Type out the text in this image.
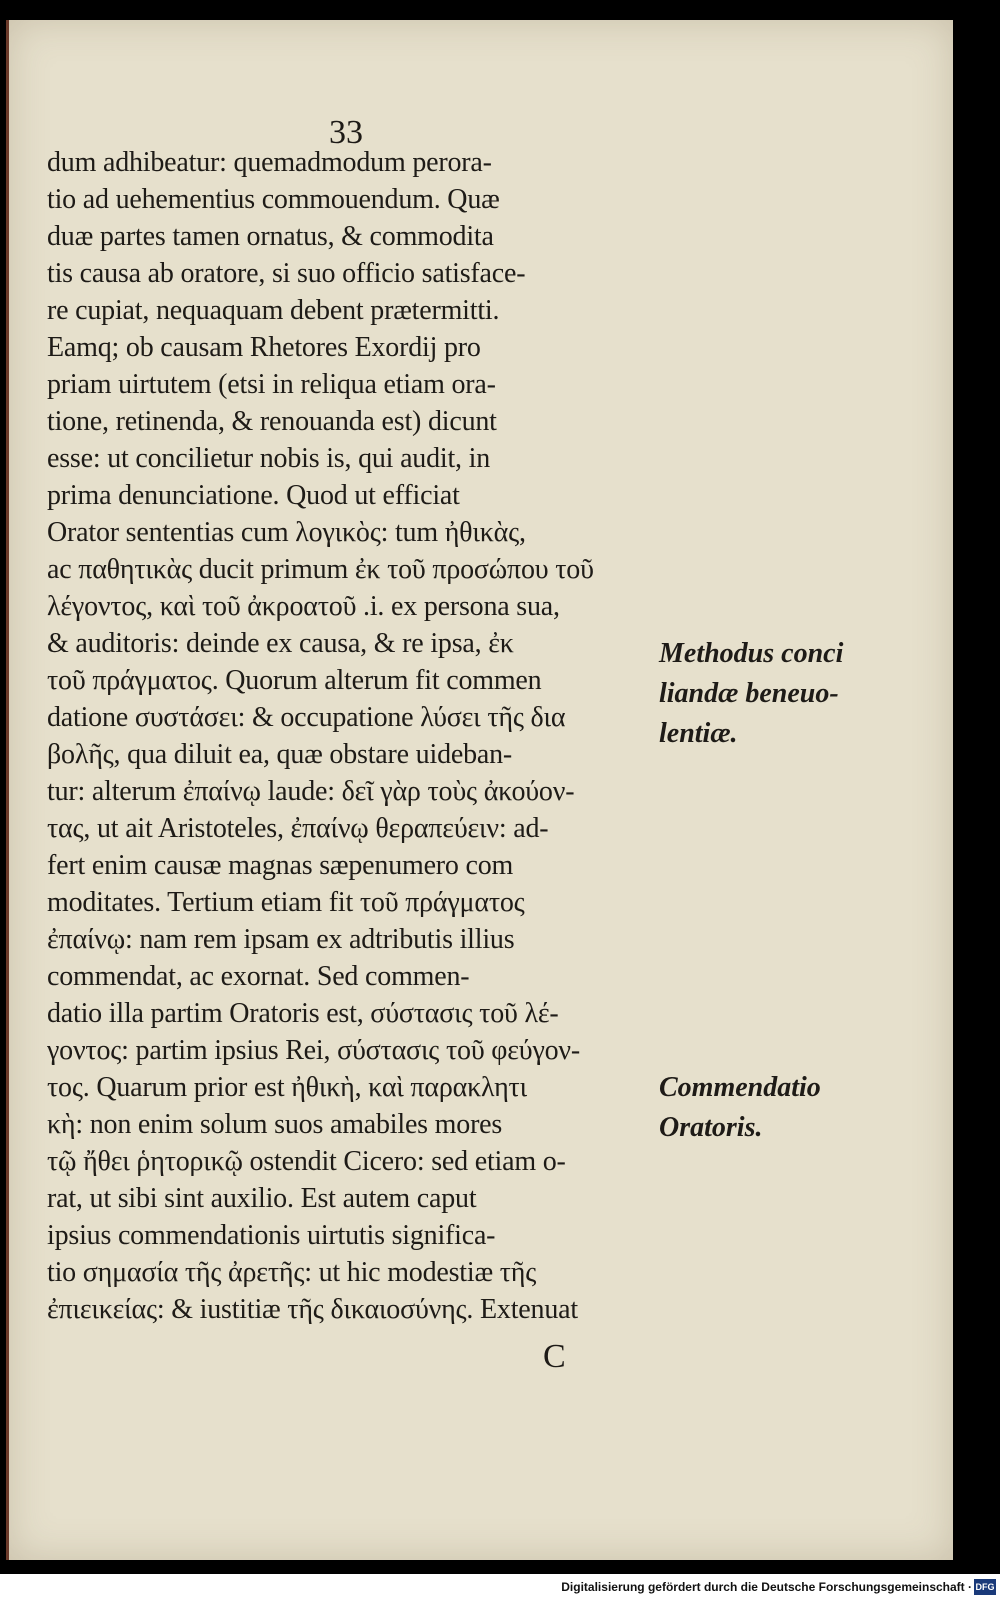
33
dum adhibeatur: quemadmodum perora-
tio ad uehementius commouendum. Quæ
duæ partes tamen ornatus, & commodita
tis causa ab oratore, si suo officio satisface-
re cupiat, nequaquam debent prætermitti.
Eamq; ob causam Rhetores Exordij pro
priam uirtutem (etsi in reliqua etiam ora-
tione, retinenda, & renouanda est) dicunt
esse: ut concilietur nobis is, qui audit, in
prima denunciatione. Quod ut efficiat
Orator sententias cum λογικὸς: tum ἠθικὰς,
ac παθητικὰς ducit primum ἐκ τοῦ προσώπου τοῦ
λέγοντος, καὶ τοῦ ἀκροατοῦ .i. ex persona sua,
& auditoris: deinde ex causa, & re ipsa, ἐκ
τοῦ πράγματος. Quorum alterum fit commen
datione συστάσει: & occupatione λύσει τῆς δια
βολῆς, qua diluit ea, quæ obstare uideban-
tur: alterum ἐπαίνῳ laude: δεῖ γὰρ τοὺς ἀκούον-
τας, ut ait Aristoteles, ἐπαίνῳ θεραπεύειν: ad-
fert enim causæ magnas sæpenumero com
moditates. Tertium etiam fit τοῦ πράγματος
ἐπαίνῳ: nam rem ipsam ex adtributis illius
commendat, ac exornat. Sed commen-
datio illa partim Oratoris est, σύστασις τοῦ λέ-
γοντος: partim ipsius Rei, σύστασις τοῦ φεύγον-
τος. Quarum prior est ἠθικὴ, καὶ παρακλητι
κὴ: non enim solum suos amabiles mores
τῷ ἤθει ῥητορικῷ ostendit Cicero: sed etiam o-
rat, ut sibi sint auxilio. Est autem caput
ipsius commendationis uirtutis significa-
tio σημασία τῆς ἀρετῆς: ut hic modestiæ τῆς
ἐπιεικείας: & iustitiæ τῆς δικαιοσύνης. Extenuat
C
Methodus conci
liandæ beneuo-
lentiæ.
Commendatio
Oratoris.
Digitalisierung gefördert durch die Deutsche Forschungsgemeinschaft · DFG
